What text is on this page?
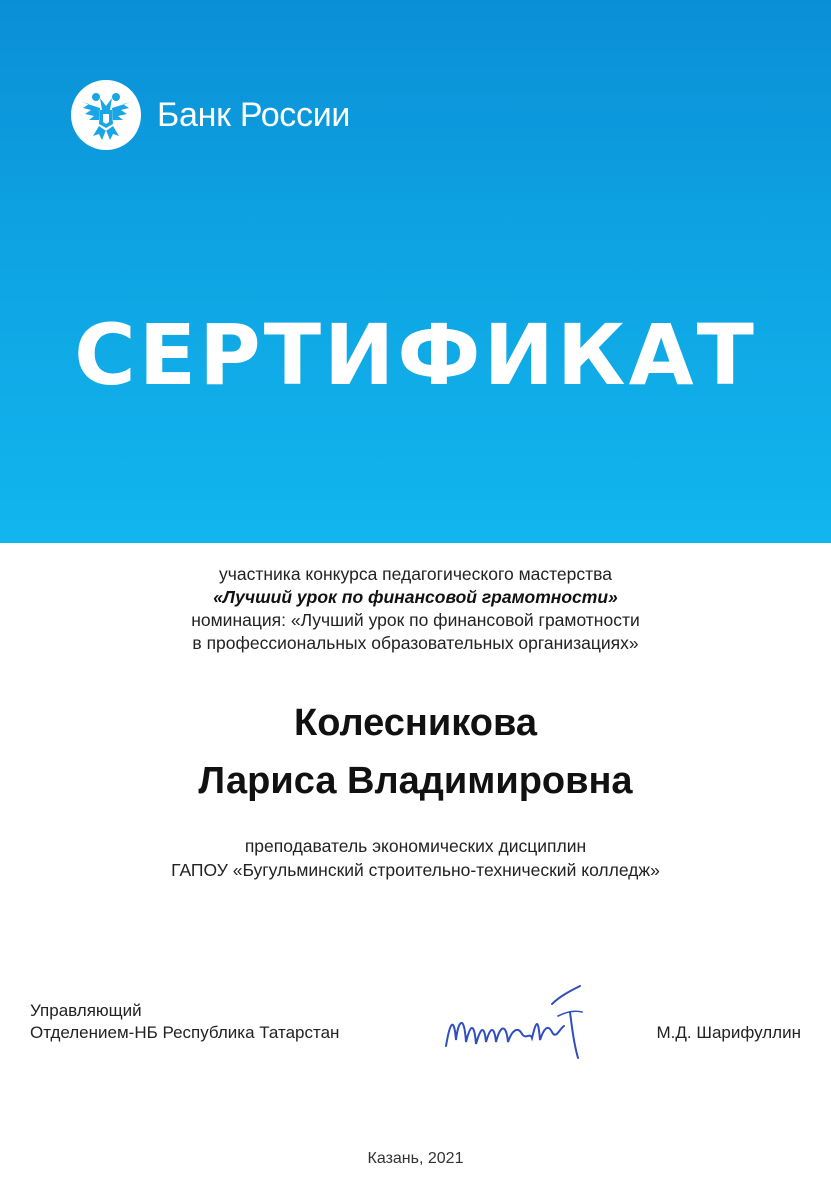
Банк России
СЕРТИФИКАТ
участника конкурса педагогического мастерства
«Лучший урок по финансовой грамотности»
номинация: «Лучший урок по финансовой грамотности
в профессиональных образовательных организациях»
Колесникова
Лариса Владимировна
преподаватель экономических дисциплин
ГАПОУ «Бугульминский строительно-технический колледж»
Управляющий
Отделением-НБ Республика Татарстан	М.Д. Шарифуллин
Казань, 2021
